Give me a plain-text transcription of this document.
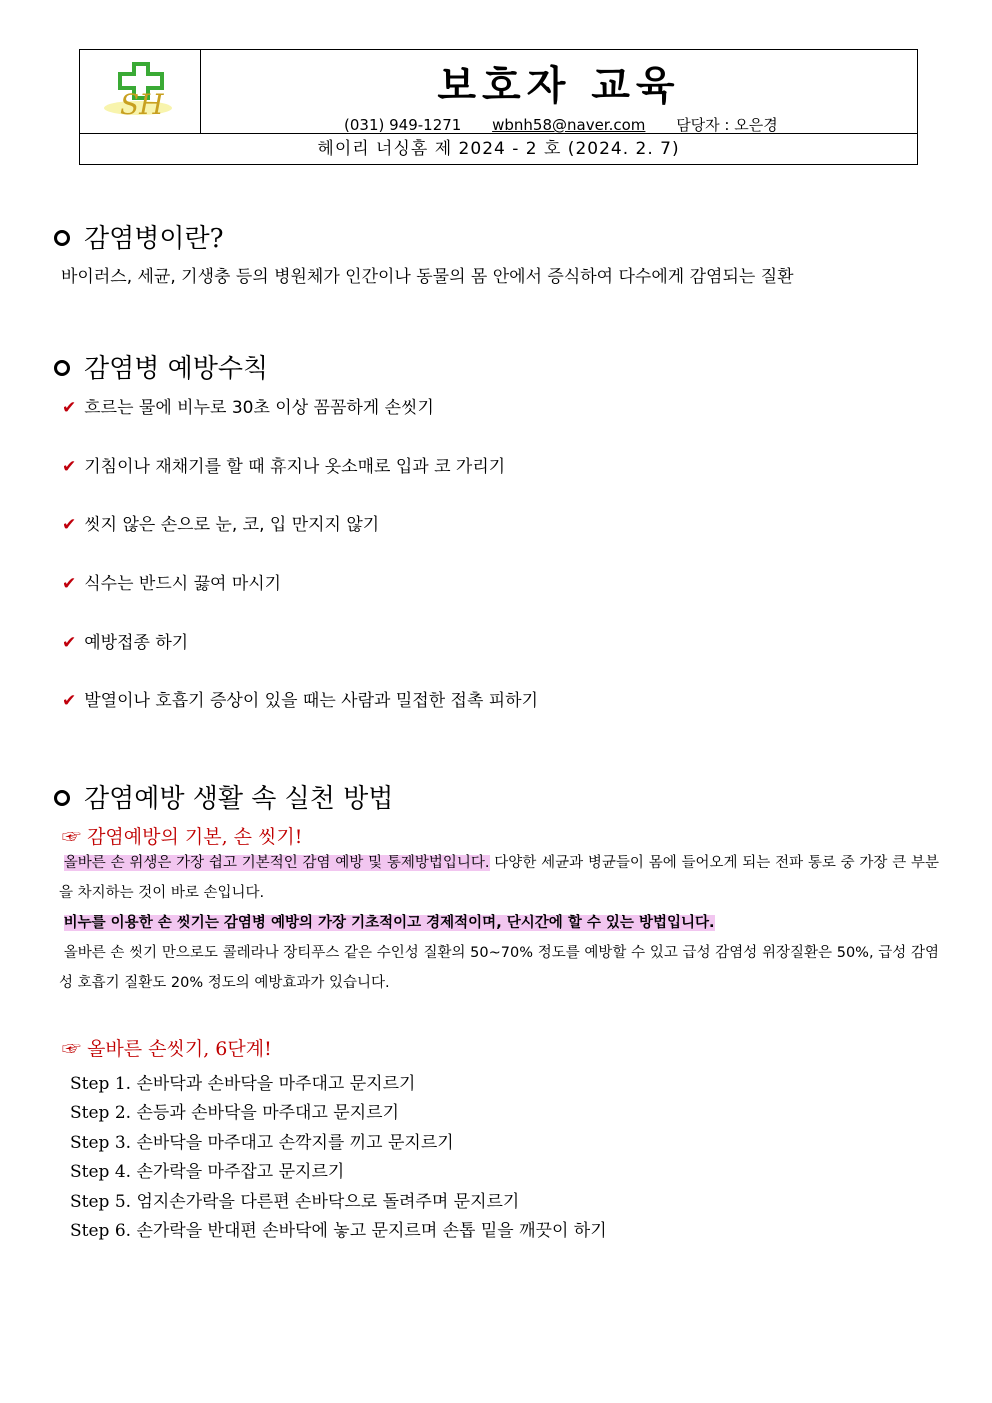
SH	보호자 교육
(031) 949-1271 wbnh58@naver.com 담당자 : 오은경
헤이리 너싱홈 제 2024 - 2 호 (2024. 2. 7)
감염병이란?
바이러스, 세균, 기생충 등의 병원체가 인간이나 동물의 몸 안에서 증식하여 다수에게 감염되는 질환
감염병 예방수칙
✔ 흐르는 물에 비누로 30초 이상 꼼꼼하게 손씻기
✔ 기침이나 재채기를 할 때 휴지나 옷소매로 입과 코 가리기
✔ 씻지 않은 손으로 눈, 코, 입 만지지 않기
✔ 식수는 반드시 끓여 마시기
✔ 예방접종 하기
✔ 발열이나 호흡기 증상이 있을 때는 사람과 밀접한 접촉 피하기
감염예방 생활 속 실천 방법
☞ 감염예방의 기본, 손 씻기!
올바른 손 위생은 가장 쉽고 기본적인 감염 예방 및 통제방법입니다. 다양한 세균과 병균들이 몸에 들어오게 되는 전파 통로 중 가장 큰 부분을 차지하는 것이 바로 손입니다.
비누를 이용한 손 씻기는 감염병 예방의 가장 기초적이고 경제적이며, 단시간에 할 수 있는 방법입니다.
올바른 손 씻기 만으로도 콜레라나 장티푸스 같은 수인성 질환의 50~70% 정도를 예방할 수 있고 급성 감염성 위장질환은 50%, 급성 감염성 호흡기 질환도 20% 정도의 예방효과가 있습니다.
☞ 올바른 손씻기, 6단계!
Step 1. 손바닥과 손바닥을 마주대고 문지르기
Step 2. 손등과 손바닥을 마주대고 문지르기
Step 3. 손바닥을 마주대고 손깍지를 끼고 문지르기
Step 4. 손가락을 마주잡고 문지르기
Step 5. 엄지손가락을 다른편 손바닥으로 돌려주며 문지르기
Step 6. 손가락을 반대편 손바닥에 놓고 문지르며 손톱 밑을 깨끗이 하기
